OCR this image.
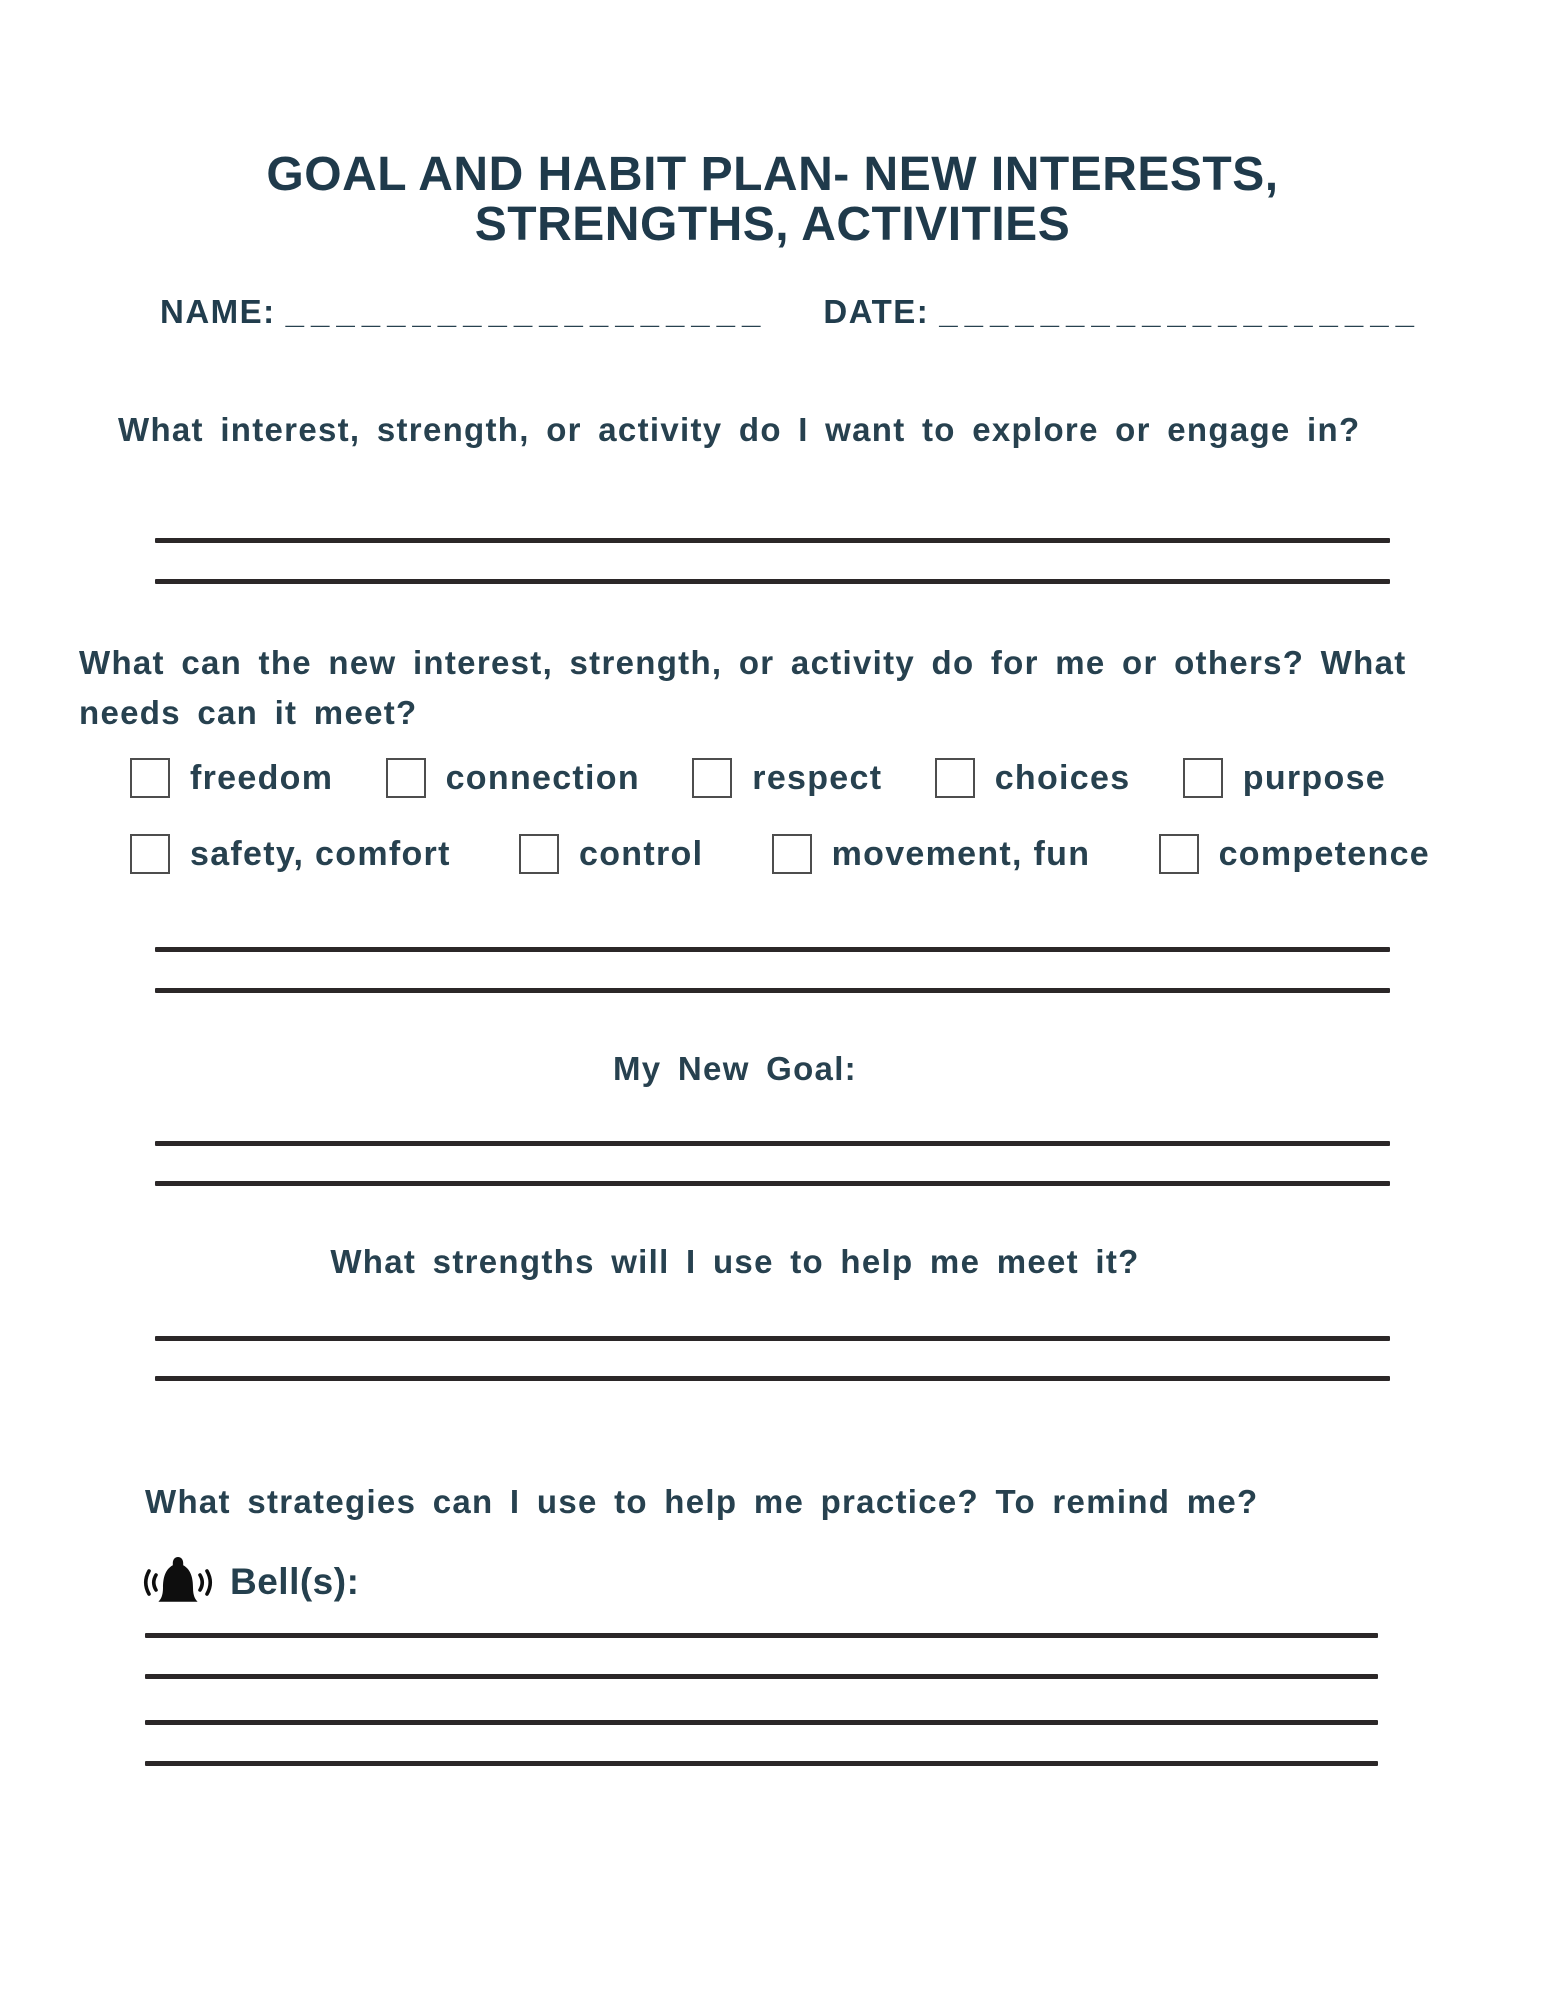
GOAL AND HABIT PLAN- NEW INTERESTS, STRENGTHS, ACTIVITIES
NAME: ___________________ DATE: ___________________
What interest, strength, or activity do I want to explore or engage in?
What can the new interest, strength, or activity do for me or others? What needs can it meet?
freedom	connection	respect	choices	purpose
safety, comfort	control	movement, fun	competence
My New Goal:
What strengths will I use to help me meet it?
What strategies can I use to help me practice? To remind me?
Bell(s):
